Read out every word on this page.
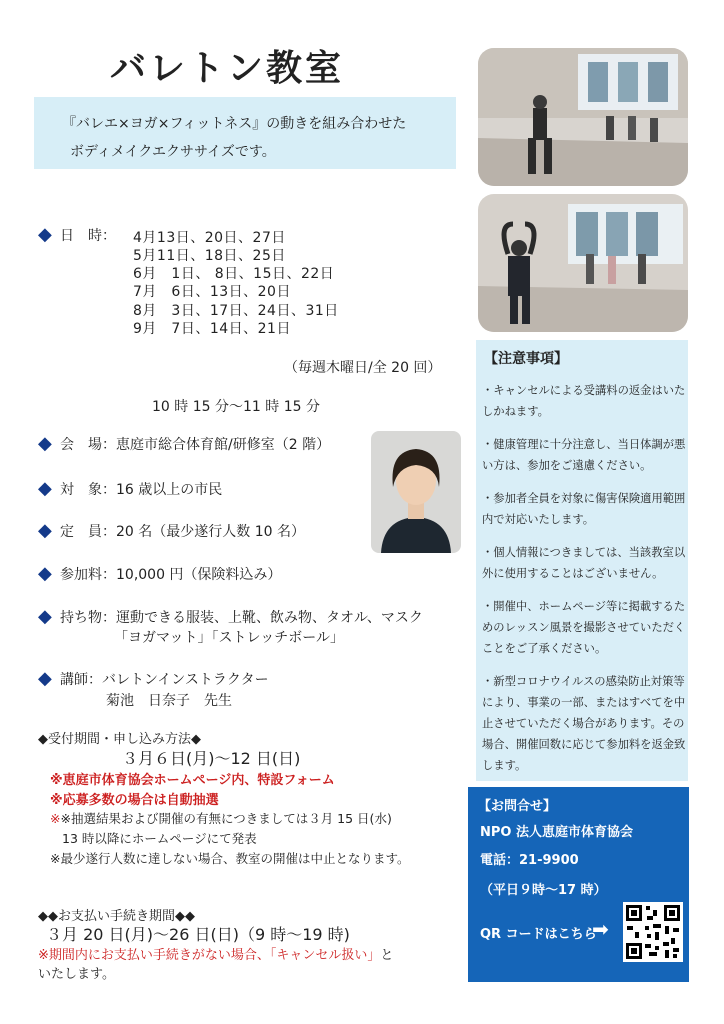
バレトン教室
『バレエ×ヨガ×フィットネス』の動きを組み合わせた
ボディメイクエクササイズです。
◆ 日　時： 4月13日、20日、27日
5月11日、18日、25日
6月　1日、 8日、15日、22日
7月　6日、13日、20日
8月　3日、17日、24日、31日
9月　7日、14日、21日
（毎週木曜日/全 20 回）
10 時 15 分～11 時 15 分
◆ 会　場：恵庭市総合体育館/研修室（2 階）
◆ 対　象：16 歳以上の市民
◆ 定　員：20 名（最少遂行人数 10 名）
◆ 参加料：10,000 円（保険料込み）
◆ 持ち物：運動できる服装、上靴、飲み物、タオル、マスク
「ヨガマット」「ストレッチボール」
◆ 講師：バレトンインストラクター
菊池　日奈子　先生
◆受付期間・申し込み方法◆
３月６日(月)～12 日(日)
※恵庭市体育協会ホームページ内、特設フォーム
※応募多数の場合は自動抽選
※※抽選結果および開催の有無につきましては３月 15 日(水)
13 時以降にホームページにて発表
※最少遂行人数に達しない場合、教室の開催は中止となります。
◆◆お支払い手続き期間◆◆
３月 20 日(月)～26 日(日)（9 時～19 時)
※期間内にお支払い手続きがない場合、「キャンセル扱い」と
いたします。
【注意事項】
・キャンセルによる受講料の返金はいたしかねます。
・健康管理に十分注意し、当日体調が悪い方は、参加をご遠慮ください。
・参加者全員を対象に傷害保険適用範囲内で対応いたします。
・個人情報につきましては、当該教室以外に使用することはございません。
・開催中、ホームページ等に掲載するためのレッスン風景を撮影させていただくことをご了承ください。
・新型コロナウイルスの感染防止対策等により、事業の一部、またはすべてを中止させていただく場合があります。その場合、開催回数に応じて参加料を返金致します。
【お問合せ】
NPO 法人恵庭市体育協会
電話：21-9900
（平日９時～17 時）
QR コードはこちら
➡
